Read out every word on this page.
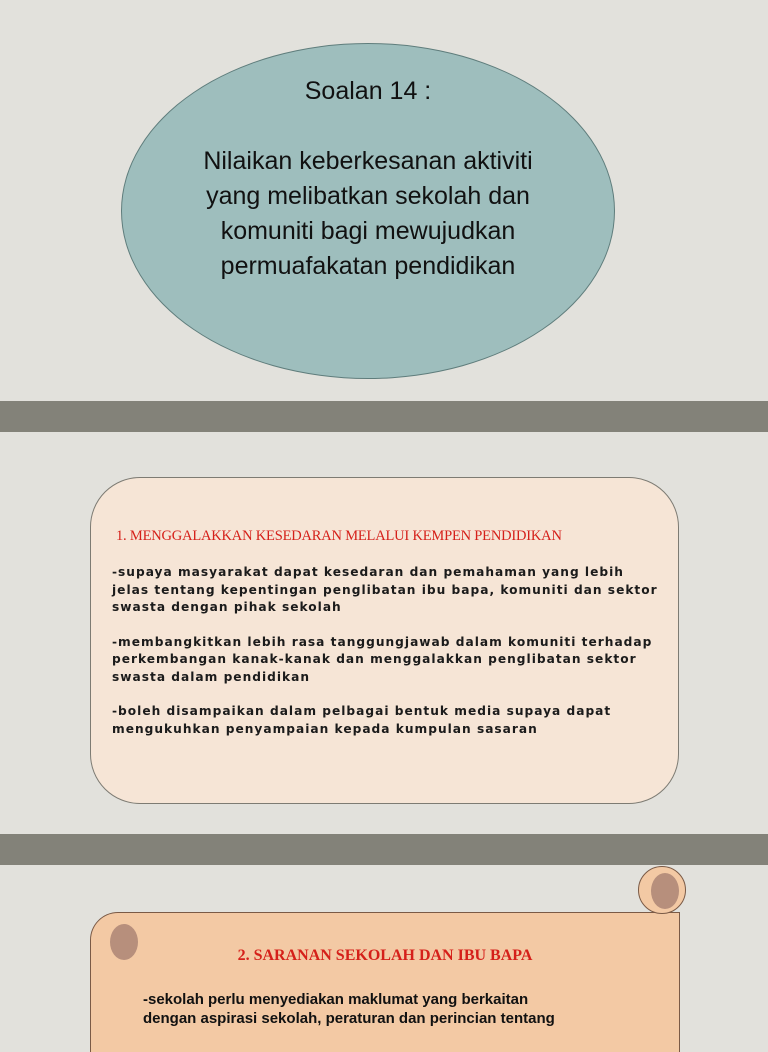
Soalan 14 :
Nilaikan keberkesanan aktiviti yang melibatkan sekolah dan komuniti bagi mewujudkan permuafakatan pendidikan
1. MENGGALAKKAN KESEDARAN MELALUI KEMPEN PENDIDIKAN

-supaya masyarakat dapat kesedaran dan pemahaman yang lebih
jelas tentang kepentingan penglibatan ibu bapa, komuniti dan sektor
swasta dengan pihak sekolah

-membangkitkan lebih rasa tanggungjawab dalam komuniti terhadap
perkembangan kanak-kanak dan menggalakkan penglibatan sektor
swasta dalam pendidikan

-boleh disampaikan dalam pelbagai bentuk media supaya dapat
mengukuhkan penyampaian kepada kumpulan sasaran

2. SARANAN SEKOLAH DAN IBU BAPA
-sekolah perlu menyediakan maklumat yang berkaitan
dengan aspirasi sekolah, peraturan dan perincian tentang
